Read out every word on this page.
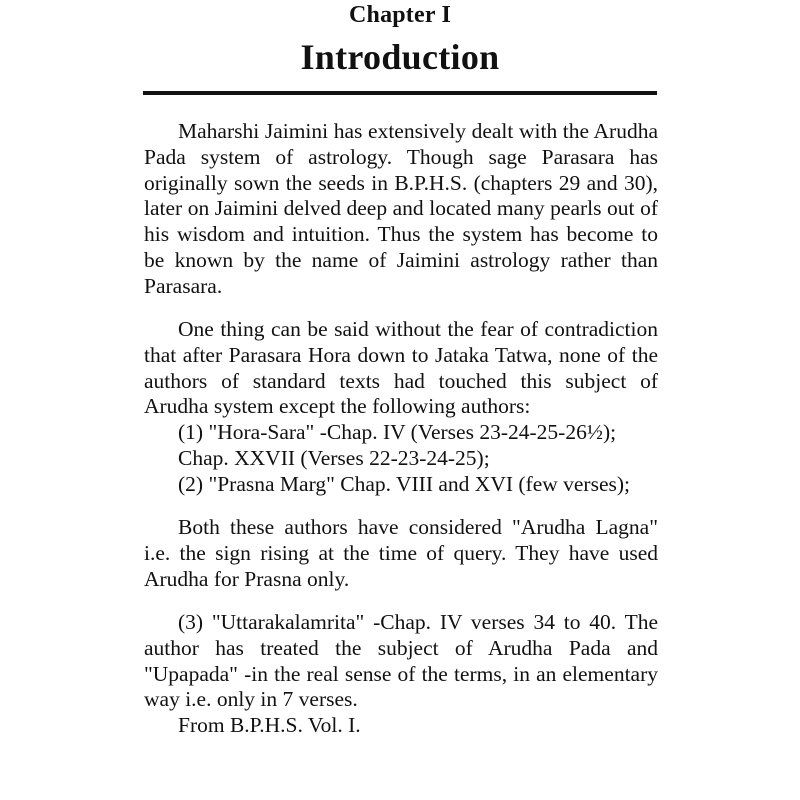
Chapter I
Introduction

Maharshi Jaimini has extensively dealt with the Arudha Pada system of astrology. Though sage Parasara has originally sown the seeds in B.P.H.S. (chapters 29 and 30), later on Jaimini delved deep and located many pearls out of his wisdom and intuition. Thus the system has become to be known by the name of Jaimini astrology rather than Parasara.

One thing can be said without the fear of contradiction that after Parasara Hora down to Jataka Tatwa, none of the authors of standard texts had touched this subject of Arudha system except the following authors:

(1) "Hora-Sara" -Chap. IV (Verses 23-24-25-26½);

Chap. XXVII (Verses 22-23-24-25);

(2) "Prasna Marg" Chap. VIII and XVI (few verses);

Both these authors have considered "Arudha Lagna" i.e. the sign rising at the time of query. They have used Arudha for Prasna only.

(3) "Uttarakalamrita" -Chap. IV verses 34 to 40. The author has treated the subject of Arudha Pada and "Upapada" -in the real sense of the terms, in an elementary way i.e. only in 7 verses.

From B.P.H.S. Vol. I.
